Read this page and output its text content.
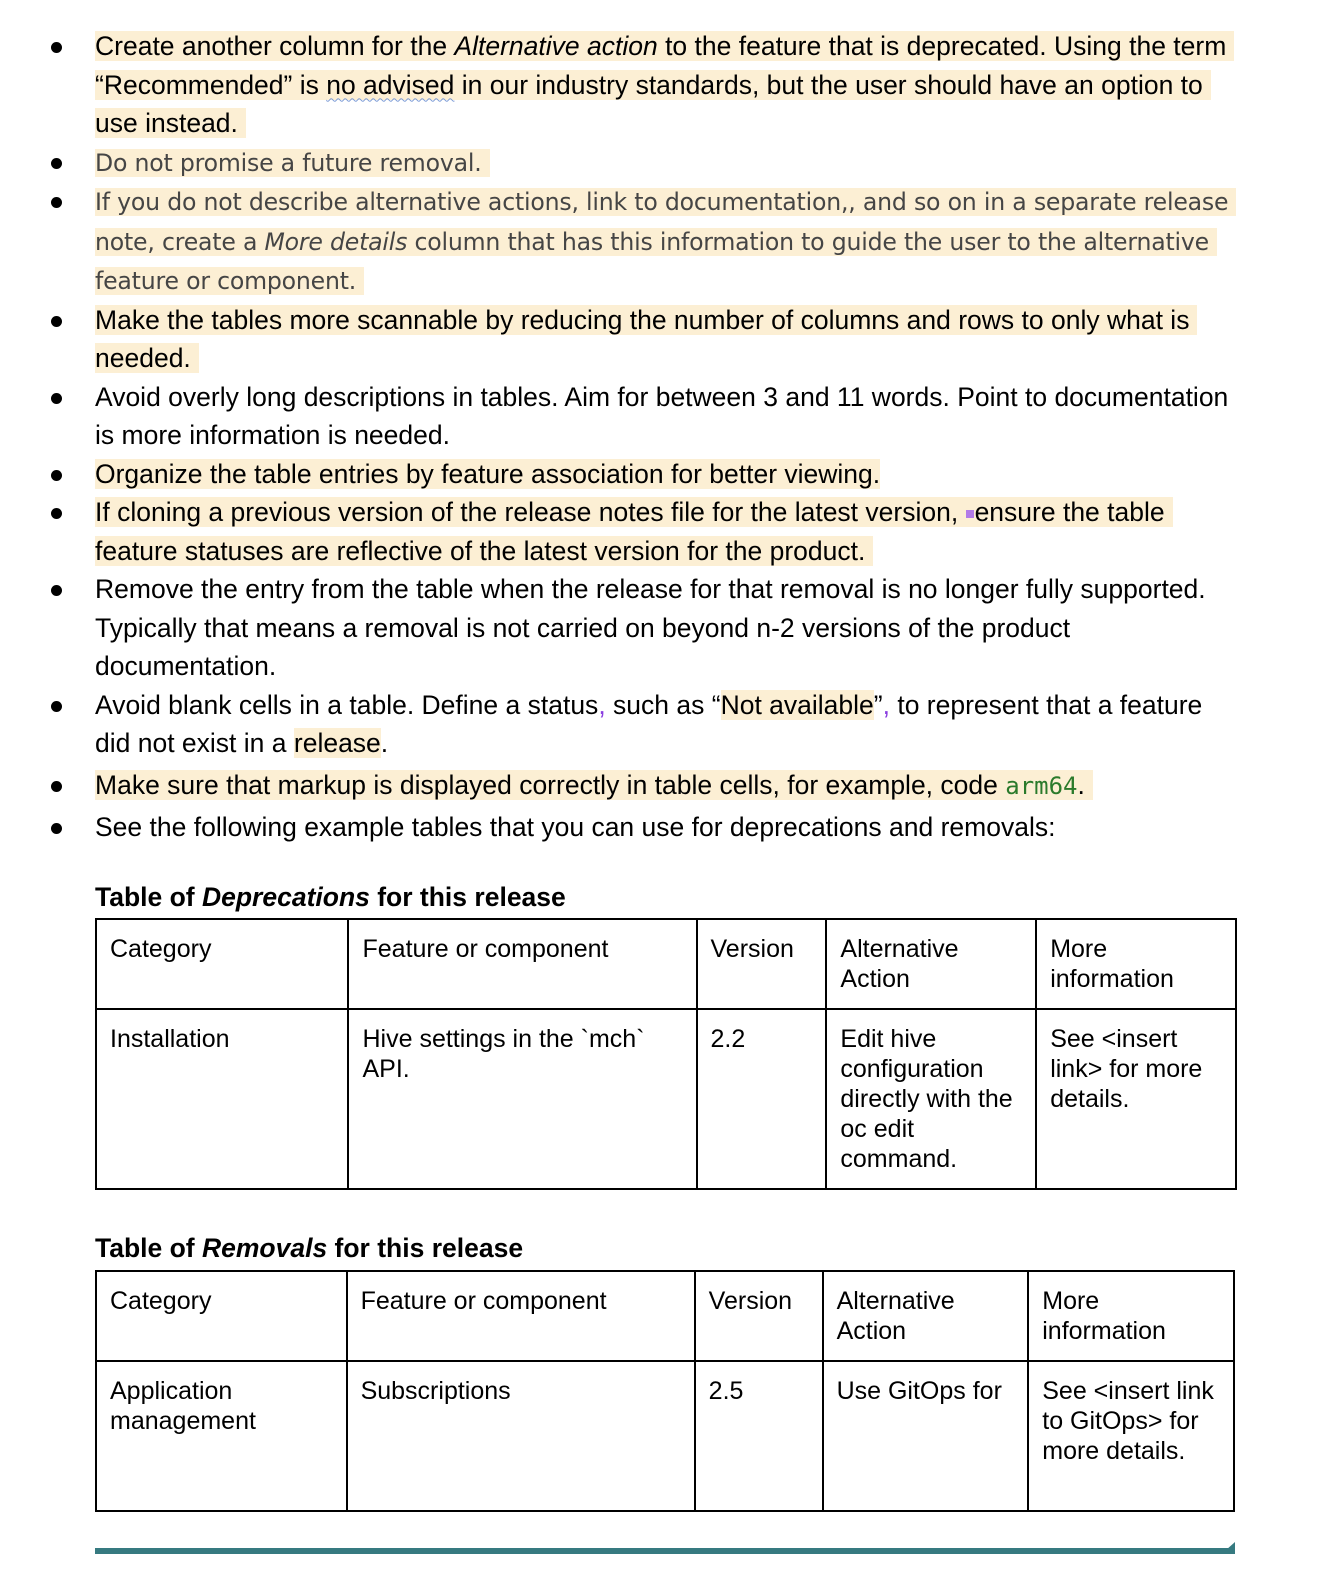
Create another column for the Alternative action to the feature that is deprecated. Using the term “Recommended” is no advised in our industry standards, but the user should have an option to use instead.
Do not promise a future removal.
If you do not describe alternative actions, link to documentation,, and so on in a separate release note, create a More details column that has this information to guide the user to the alternative feature or component.
Make the tables more scannable by reducing the number of columns and rows to only what is needed.
Avoid overly long descriptions in tables. Aim for between 3 and 11 words. Point to documentation is more information is needed.
Organize the table entries by feature association for better viewing.
If cloning a previous version of the release notes file for the latest version, ensure the table feature statuses are reflective of the latest version for the product.
Remove the entry from the table when the release for that removal is no longer fully supported. Typically that means a removal is not carried on beyond n-2 versions of the product documentation.
Avoid blank cells in a table. Define a status, such as “Not available”, to represent that a feature did not exist in a release.
Make sure that markup is displayed correctly in table cells, for example, code arm64.
See the following example tables that you can use for deprecations and removals:
Table of Deprecations for this release
Category	Feature or component	Version	Alternative Action	More information
Installation	Hive settings in the `mch` API.	2.2	Edit hive configuration directly with the oc edit command.	See <insert link> for more details.
Table of Removals for this release
Category	Feature or component	Version	Alternative Action	More information
Application management	Subscriptions	2.5	Use GitOps for	See <insert link to GitOps> for more details.
